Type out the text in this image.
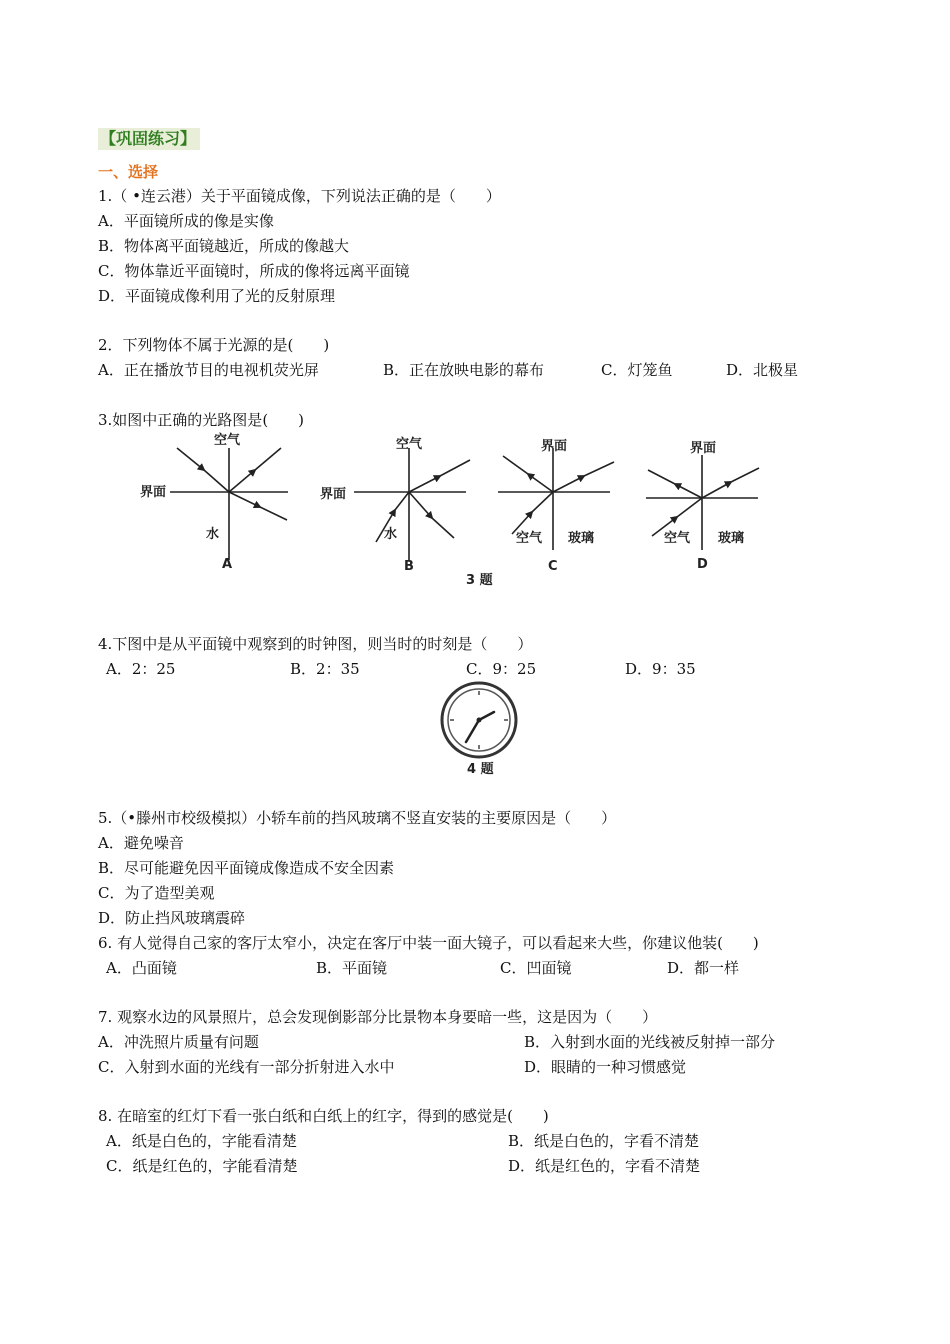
【巩固练习】
一、选择
1.（ •连云港）关于平面镜成像，下列说法正确的是（　　）
A．平面镜所成的像是实像
B．物体离平面镜越近，所成的像越大
C．物体靠近平面镜时，所成的像将远离平面镜
D．平面镜成像利用了光的反射原理
2．下列物体不属于光源的是(　　)
A．正在播放节目的电视机荧光屏	B．正在放映电影的幕布	C．灯笼鱼	D．北极星
3.如图中正确的光路图是(　　)
空气
界面
水
空气
界面
水
界面
空气 玻璃
界面
空气 玻璃
A	B	C	D
3 题
4.下图中是从平面镜中观察到的时钟图，则当时的时刻是（　　）
A．2：25	B．2：35	C．9：25	D．9：35
4 题
5.（•滕州市校级模拟）小轿车前的挡风玻璃不竖直安装的主要原因是（　　）
A．避免噪音
B．尽可能避免因平面镜成像造成不安全因素
C．为了造型美观
D．防止挡风玻璃震碎
6. 有人觉得自己家的客厅太窄小，决定在客厅中装一面大镜子，可以看起来大些，你建议他装(　　)
A．凸面镜	B．平面镜	C．凹面镜	D．都一样
7. 观察水边的风景照片，总会发现倒影部分比景物本身要暗一些，这是因为（　　）
A．冲洗照片质量有问题	B．入射到水面的光线被反射掉一部分
C．入射到水面的光线有一部分折射进入水中	D．眼睛的一种习惯感觉
8. 在暗室的红灯下看一张白纸和白纸上的红字，得到的感觉是(　　)
A．纸是白色的，字能看清楚	B．纸是白色的，字看不清楚
C．纸是红色的，字能看清楚	D．纸是红色的，字看不清楚
